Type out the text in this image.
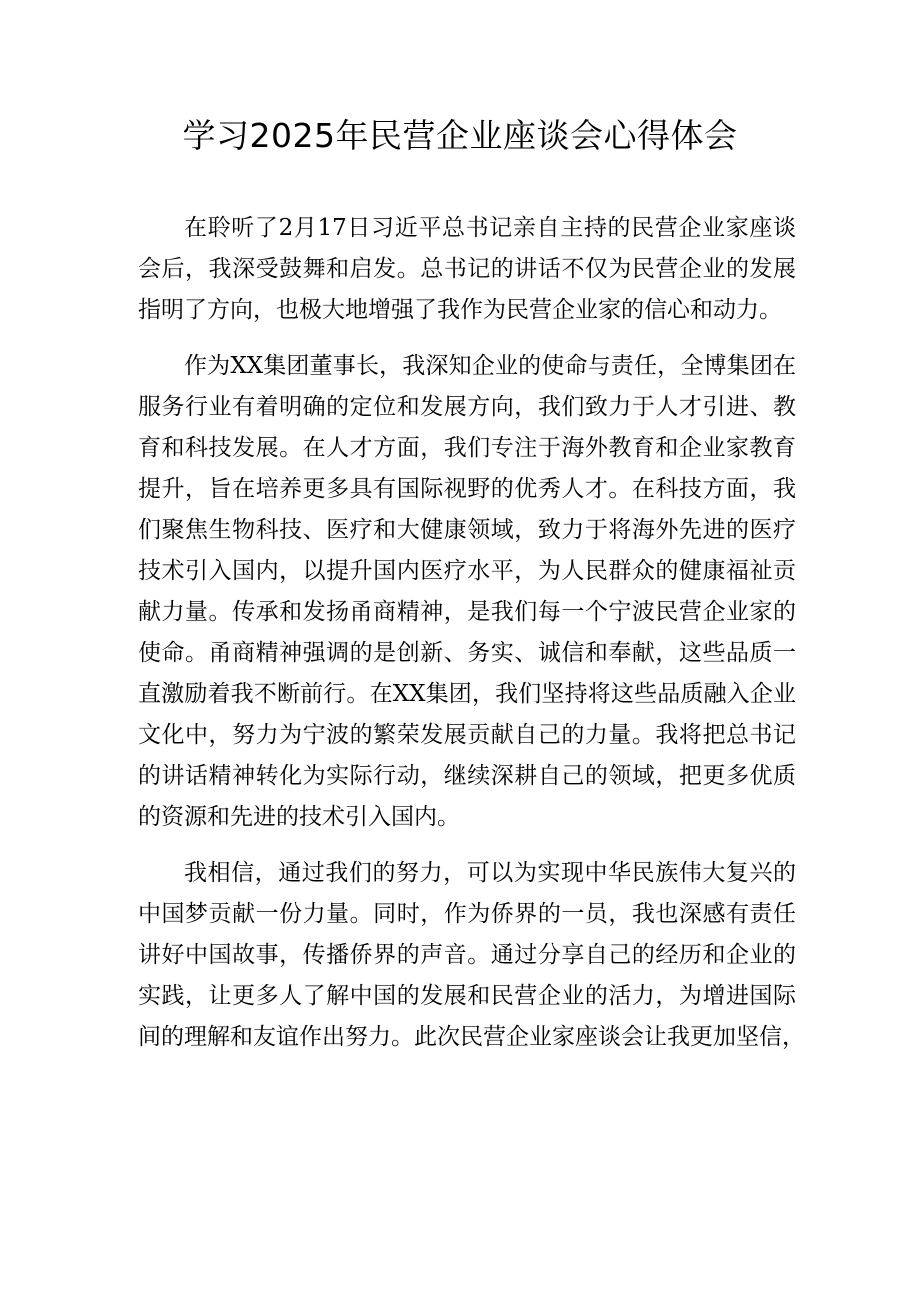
学习2025年民营企业座谈会心得体会
在聆听了2月17日习近平总书记亲自主持的民营企业家座谈
会后，我深受鼓舞和启发。总书记的讲话不仅为民营企业的发展
指明了方向，也极大地增强了我作为民营企业家的信心和动力。
作为XX集团董事长，我深知企业的使命与责任，全博集团在
服务行业有着明确的定位和发展方向，我们致力于人才引进、教
育和科技发展。在人才方面，我们专注于海外教育和企业家教育
提升，旨在培养更多具有国际视野的优秀人才。在科技方面，我
们聚焦生物科技、医疗和大健康领域，致力于将海外先进的医疗
技术引入国内，以提升国内医疗水平，为人民群众的健康福祉贡
献力量。传承和发扬甬商精神，是我们每一个宁波民营企业家的
使命。甬商精神强调的是创新、务实、诚信和奉献，这些品质一
直激励着我不断前行。在XX集团，我们坚持将这些品质融入企业
文化中，努力为宁波的繁荣发展贡献自己的力量。我将把总书记
的讲话精神转化为实际行动，继续深耕自己的领域，把更多优质
的资源和先进的技术引入国内。
我相信，通过我们的努力，可以为实现中华民族伟大复兴的
中国梦贡献一份力量。同时，作为侨界的一员，我也深感有责任
讲好中国故事，传播侨界的声音。通过分享自己的经历和企业的
实践，让更多人了解中国的发展和民营企业的活力，为增进国际
间的理解和友谊作出努力。此次民营企业家座谈会让我更加坚信，
